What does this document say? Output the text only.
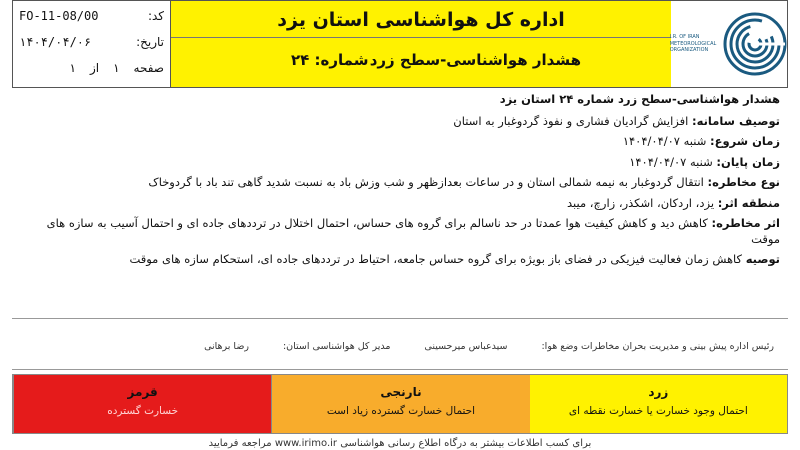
کد:
FO-11-08/00
تاریخ:
۱۴۰۴/۰۴/۰۶
صفحه
۱
از
۱
اداره کل هواشناسی استان یزد
هشدار هواشناسی-سطح زرد
شماره: ۲۴
I.R. OF IRAN
METEOROLOGICAL
ORGANIZATION
هشدار هواشناسی-سطح زرد شماره ۲۴ استان یزد
توصیف سامانه: افزایش گرادیان فشاری و نفوذ گردوغبار به استان
زمان شروع: شنبه ۱۴۰۴/۰۴/۰۷
زمان پایان: شنبه ۱۴۰۴/۰۴/۰۷
نوع مخاطره: انتقال گردوغبار به نیمه شمالی استان و در ساعات بعدازظهر و شب وزش باد به نسبت شدید گاهی تند باد با گردوخاک
منطقه اثر: یزد، اردکان، اشکذر، زارچ، میبد
اثر مخاطره: کاهش دید و کاهش کیفیت هوا عمدتا در حد ناسالم برای گروه های حساس، احتمال اختلال در ترددهای جاده ای و احتمال آسیب به سازه های موقت
توصیه کاهش زمان فعالیت فیزیکی در فضای باز بویژه برای گروه حساس جامعه، احتیاط در ترددهای جاده ای، استحکام سازه های موقت
رئیس اداره پیش بینی و مدیریت بحران مخاطرات وضع هوا:
سیدعباس میرحسینی
مدیر کل هواشناسی استان:
رضا برهانی
قرمز
خسارت گسترده
نارنجی
احتمال خسارت گسترده زیاد است
زرد
احتمال وجود خسارت یا خسارت نقطه ای
برای کسب اطلاعات بیشتر به درگاه اطلاع رسانی هواشناسی www.irimo.ir مراجعه فرمایید
